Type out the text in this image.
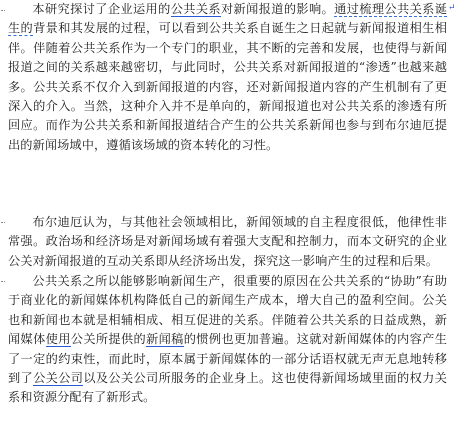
本研究探讨了企业运用的公共关系对新闻报道的影响。通过梳理公共关系诞生的背景和其发展的过程，可以看到公共关系自诞生之日起就与新闻报道相生相伴。伴随着公共关系作为一个专门的职业，其不断的完善和发展，也使得与新闻报道之间的关系越来越密切，与此同时，公共关系对新闻报道的“渗透”也越来越多。公共关系不仅介入到新闻报道的内容，还对新闻报道内容的产生机制有了更深入的介入。当然，这种介入并不是单向的，新闻报道也对公共关系的渗透有所回应。而作为公共关系和新闻报道结合产生的公共关系新闻也参与到布尔迪厄提出的新闻场域中，遵循该场域的资本转化的习性。

布尔迪厄认为，与其他社会领域相比，新闻领域的自主程度很低，他律性非常强。政治场和经济场是对新闻场域有着强大支配和控制力，而本文研究的企业公关对新闻报道的互动关系即从经济场出发，探究这一影响产生的过程和后果。

公共关系之所以能够影响新闻生产，很重要的原因在公共关系的“协助”有助于商业化的新闻媒体机构降低自己的新闻生产成本，增大自己的盈利空间。公关也和新闻也本就是相辅相成、相互促进的关系。伴随着公共关系的日益成熟，新闻媒体使用公关所提供的新闻稿的惯例也更加普遍。这就对新闻媒体的内容产生了一定的约束性，而此时，原本属于新闻媒体的一部分话语权就无声无息地转移到了公关公司以及公关公司所服务的企业身上。这也使得新闻场域里面的权力关系和资源分配有了新形式。

↵
